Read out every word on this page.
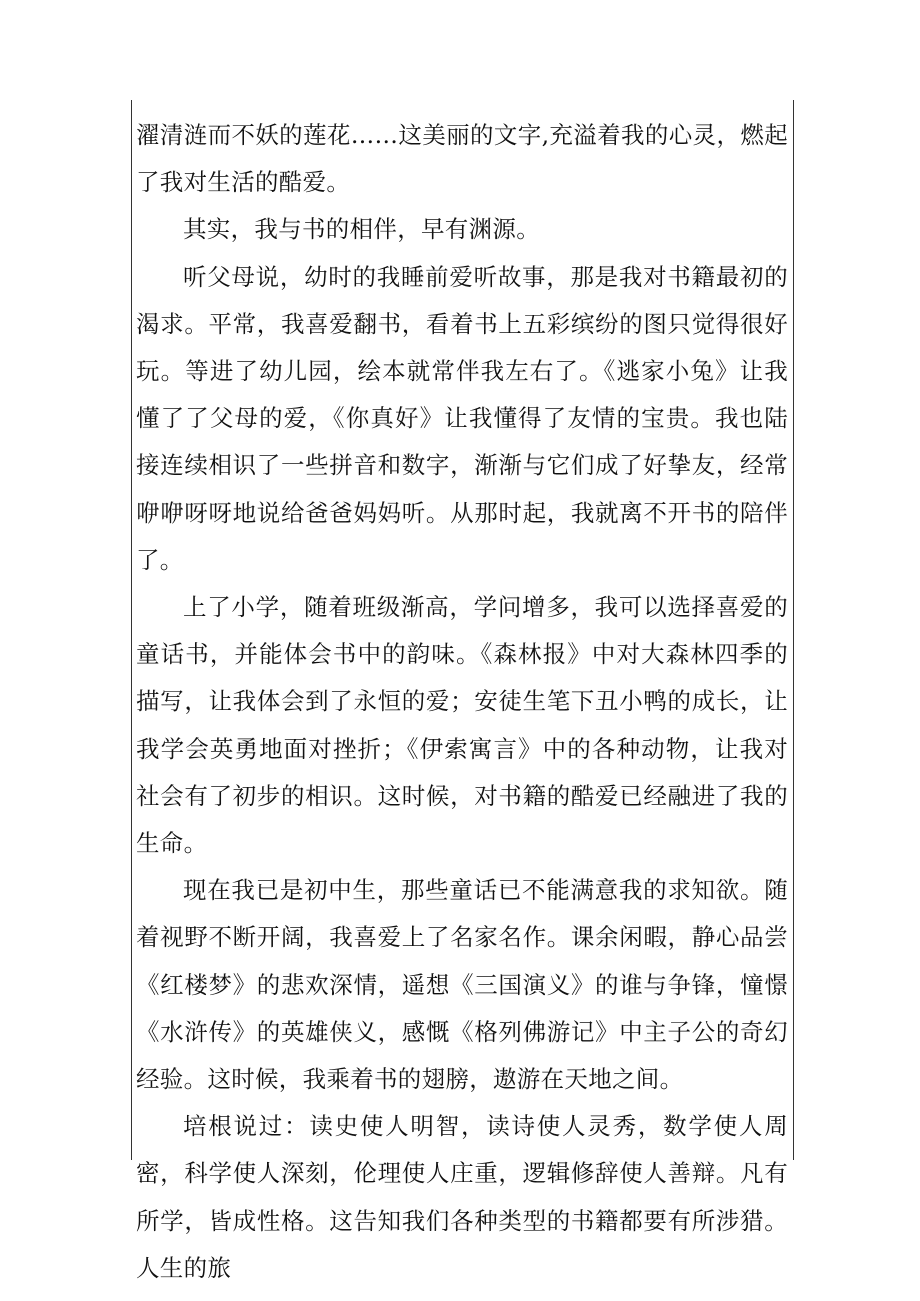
濯清涟而不妖的莲花……这美丽的文字,充溢着我的心灵，燃起了我对生活的酷爱。

其实，我与书的相伴，早有渊源。

听父母说，幼时的我睡前爱听故事，那是我对书籍最初的渴求。平常，我喜爱翻书，看着书上五彩缤纷的图只觉得很好玩。等进了幼儿园，绘本就常伴我左右了。《逃家小兔》让我懂了了父母的爱，《你真好》让我懂得了友情的宝贵。我也陆接连续相识了一些拼音和数字，渐渐与它们成了好挚友，经常咿咿呀呀地说给爸爸妈妈听。从那时起，我就离不开书的陪伴了。

上了小学，随着班级渐高，学问增多，我可以选择喜爱的童话书，并能体会书中的韵味。《森林报》中对大森林四季的描写，让我体会到了永恒的爱；安徒生笔下丑小鸭的成长，让我学会英勇地面对挫折；《伊索寓言》中的各种动物，让我对社会有了初步的相识。这时候，对书籍的酷爱已经融进了我的生命。

现在我已是初中生，那些童话已不能满意我的求知欲。随着视野不断开阔，我喜爱上了名家名作。课余闲暇，静心品尝《红楼梦》的悲欢深情，遥想《三国演义》的谁与争锋，憧憬《水浒传》的英雄侠义，感慨《格列佛游记》中主子公的奇幻经验。这时候，我乘着书的翅膀，遨游在天地之间。

培根说过：读史使人明智，读诗使人灵秀，数学使人周密，科学使人深刻，伦理使人庄重，逻辑修辞使人善辩。凡有所学，皆成性格。这告知我们各种类型的书籍都要有所涉猎。人生的旅
